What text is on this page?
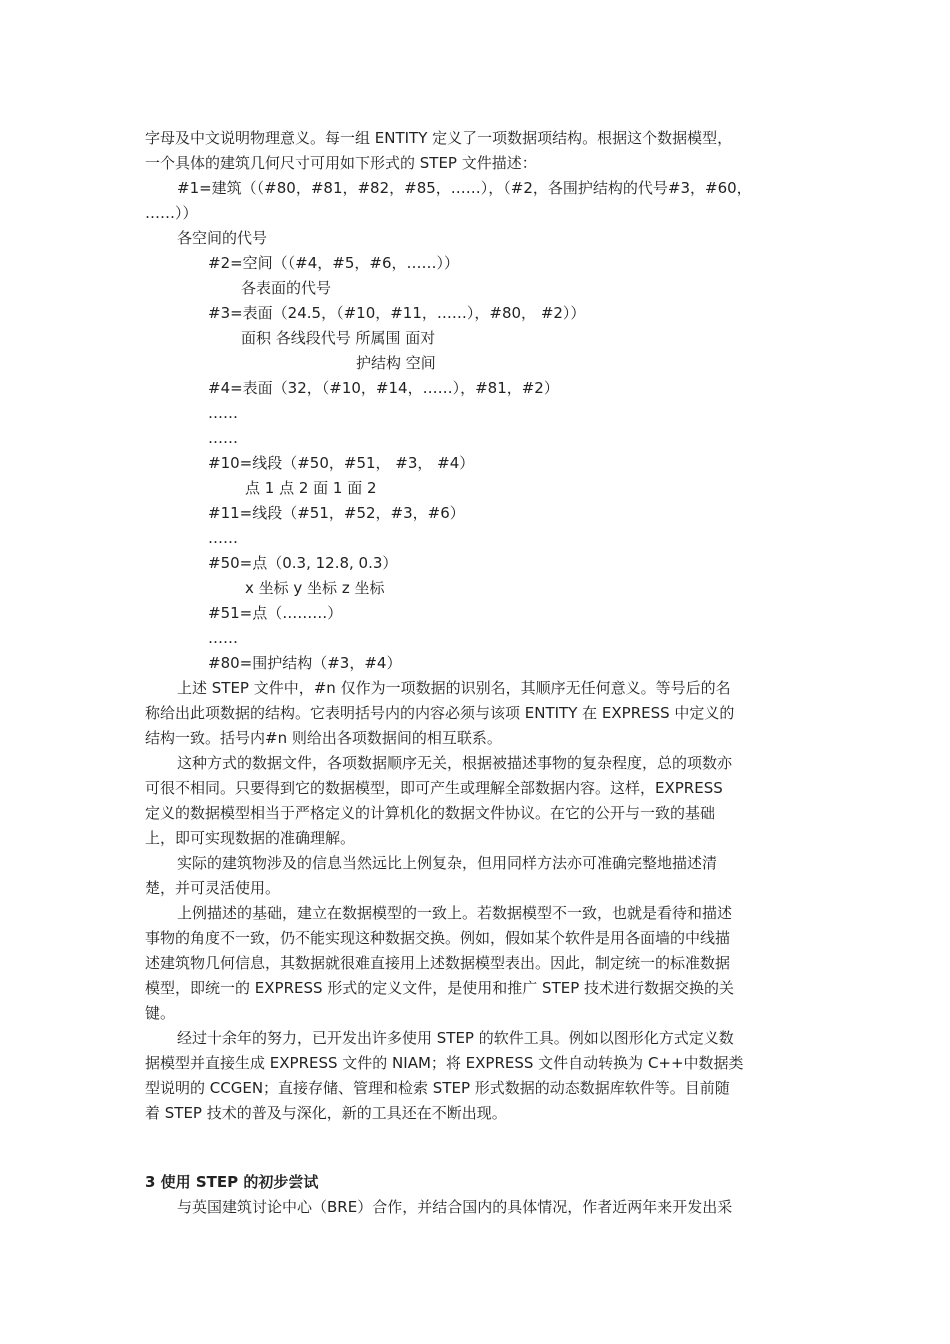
字母及中文说明物理意义。每一组 ENTITY 定义了一项数据项结构。根据这个数据模型，
一个具体的建筑几何尺寸可用如下形式的 STEP 文件描述：
#1=建筑（（#80，#81，#82，#85，……），（#2，各围护结构的代号#3，#60，
……））
各空间的代号
#2=空间（（#4，#5，#6，……））
各表面的代号
#3=表面（24.5，（#10，#11，……），#80， #2））
面积 各线段代号 所属围 面对
护结构 空间
#4=表面（32，（#10，#14，……），#81，#2）
……
……
#10=线段（#50，#51， #3， #4）
点 1 点 2 面 1 面 2
#11=线段（#51，#52，#3，#6）
……
#50=点（0.3, 12.8, 0.3）
x 坐标 y 坐标 z 坐标
#51=点（………）
……
#80=围护结构（#3，#4）
上述 STEP 文件中，#n 仅作为一项数据的识别名，其顺序无任何意义。等号后的名
称给出此项数据的结构。它表明括号内的内容必须与该项 ENTITY 在 EXPRESS 中定义的
结构一致。括号内#n 则给出各项数据间的相互联系。
这种方式的数据文件，各项数据顺序无关，根据被描述事物的复杂程度，总的项数亦
可很不相同。只要得到它的数据模型，即可产生或理解全部数据内容。这样，EXPRESS
定义的数据模型相当于严格定义的计算机化的数据文件协议。在它的公开与一致的基础
上，即可实现数据的准确理解。
实际的建筑物涉及的信息当然远比上例复杂，但用同样方法亦可准确完整地描述清
楚，并可灵活使用。
上例描述的基础，建立在数据模型的一致上。若数据模型不一致，也就是看待和描述
事物的角度不一致，仍不能实现这种数据交换。例如，假如某个软件是用各面墙的中线描
述建筑物几何信息，其数据就很难直接用上述数据模型表出。因此，制定统一的标准数据
模型，即统一的 EXPRESS 形式的定义文件，是使用和推广 STEP 技术进行数据交换的关
键。
经过十余年的努力，已开发出许多使用 STEP 的软件工具。例如以图形化方式定义数
据模型并直接生成 EXPRESS 文件的 NIAM；将 EXPRESS 文件自动转换为 C++中数据类
型说明的 CCGEN；直接存储、管理和检索 STEP 形式数据的动态数据库软件等。目前随
着 STEP 技术的普及与深化，新的工具还在不断出现。
3 使用 STEP 的初步尝试
与英国建筑讨论中心（BRE）合作，并结合国内的具体情况，作者近两年来开发出采
